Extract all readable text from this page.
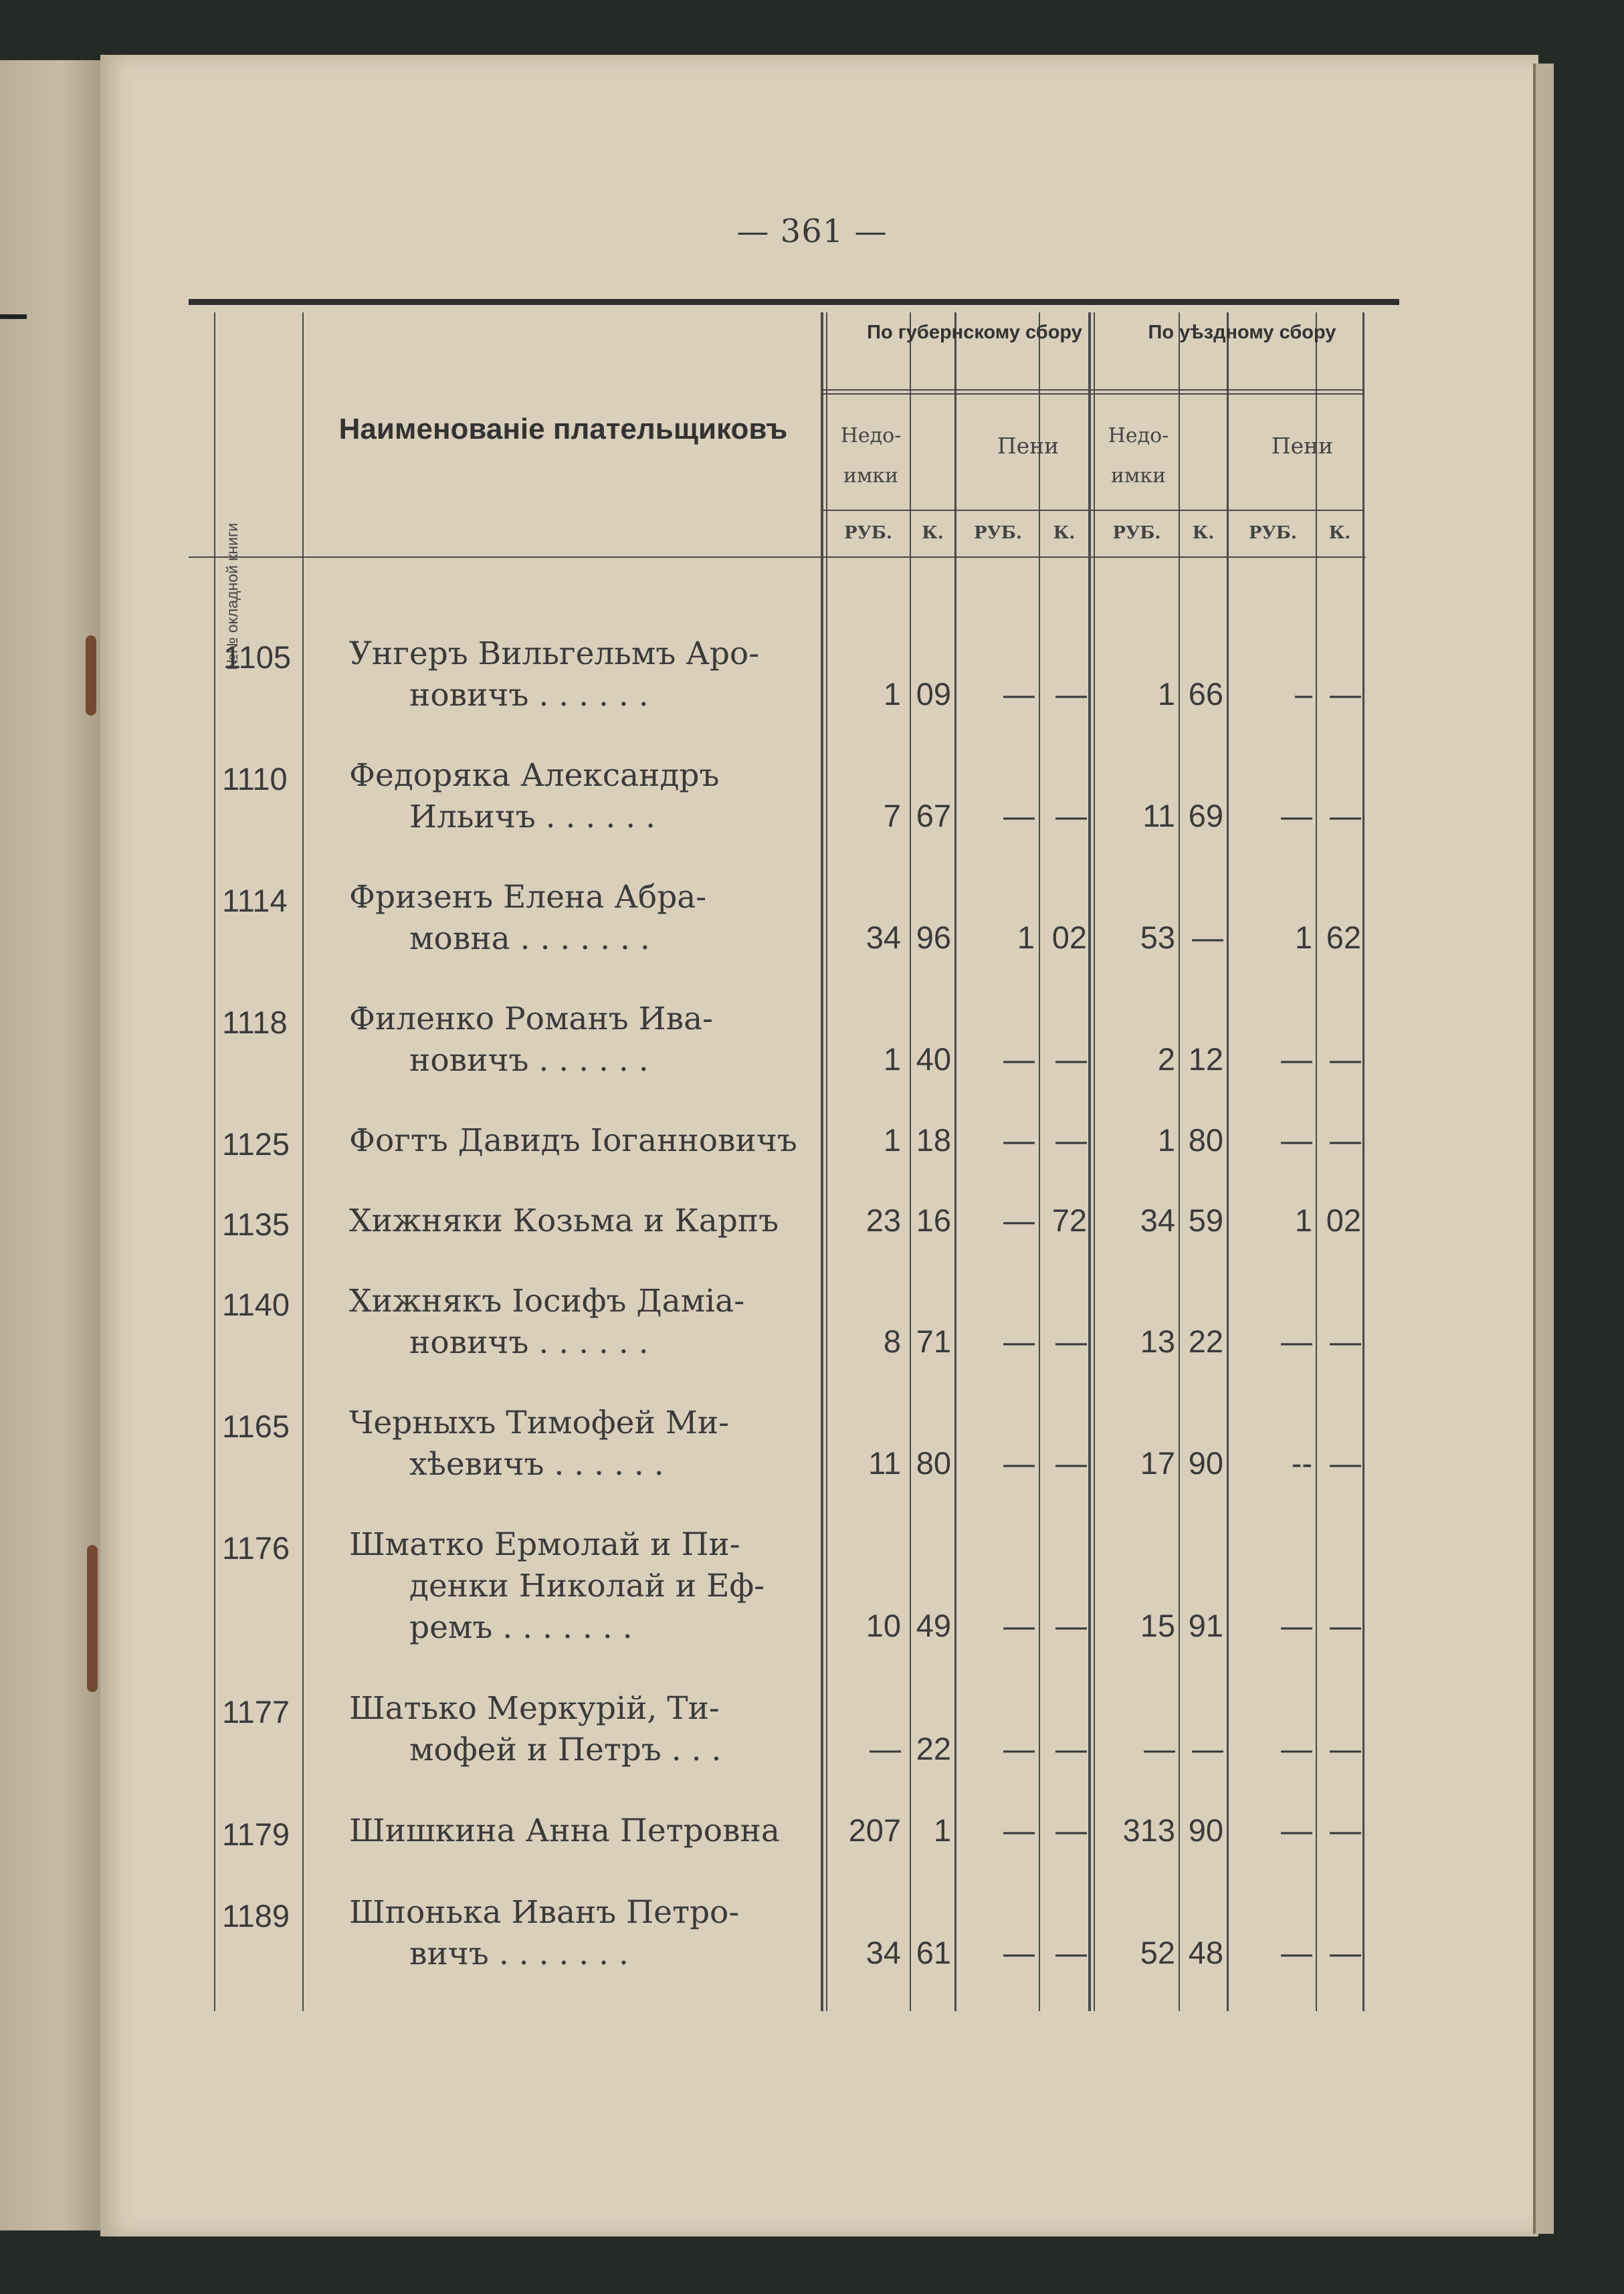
— 361 —
№№ окладной книги
Наименованіе плательщиковъ
По губернскому сбору	По уѣздному сбору
Недо-имки
Пени	Недо-имки
Пени
РУБ.	К.	РУБ.	К.	РУБ.	К.	РУБ.	К.
1105 Унгеръ Вильгельмъ Аро-
новичъ . . . . . .	1 09	— —	1 66	– —
1110 Федоряка Александръ
Ильичъ . . . . . .	7 67	— —	11 69	— —
1114 Фризенъ Елена Абра-
мовна . . . . . . .	34 96	1 02	53 —	1 62
1118 Филенко Романъ Ива-
новичъ . . . . . .	1 40	— —	2 12	— —
1125 Фогтъ Давидъ Іоганновичъ	1 18	— —	1 80	— —
1135 Хижняки Козьма и Карпъ	23 16	— 72	34 59	1 02
1140 Хижнякъ Іосифъ Даміа-
новичъ . . . . . .	8 71	— —	13 22	— —
1165 Черныхъ Тимофей Ми-
хѣевичъ . . . . . .	11 80	— —	17 90	-- —
1176 Шматко Ермолай и Пи-
денки Николай и Еф-
ремъ . . . . . . .	10 49	— —	15 91	— —
1177 Шатько Меркурій, Ти-
мофей и Петръ . . .	— 22	— —	— —	— —
1179 Шишкина Анна Петровна	207	1	— —	313 90	— —
1189 Шпонька Иванъ Петро-
вичъ . . . . . . .	34 61	— —	52 48	— —
